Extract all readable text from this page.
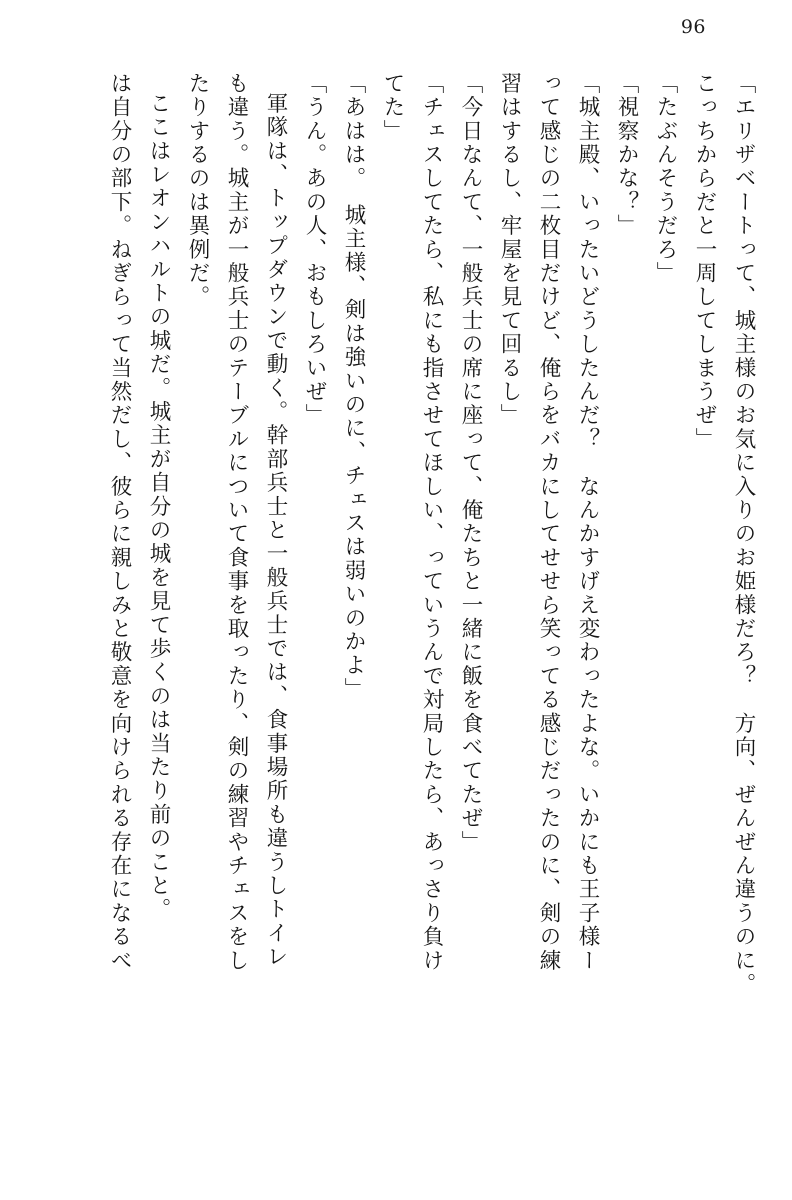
96
「エリザベートって、城主様のお気に入りのお姫様だろ？　方向、ぜんぜん違うのに。
こっちからだと一周してしまうぜ」
「たぶんそうだろ」
「視察かな？」
「城主殿、いったいどうしたんだ？　なんかすげえ変わったよな。いかにも王子様ー
って感じの二枚目だけど、俺らをバカにしてせせら笑ってる感じだったのに、剣の練
習はするし、牢屋を見て回るし」
「今日なんて、一般兵士の席に座って、俺たちと一緒に飯を食べてたぜ」
「チェスしてたら、私にも指させてほしい、っていうんで対局したら、あっさり負け
てた」
「あはは。　城主様、剣は強いのに、チェスは弱いのかよ」
「うん。あの人、おもしろいぜ」
軍隊は、トップダウンで動く。幹部兵士と一般兵士では、食事場所も違うしトイレ
も違う。城主が一般兵士のテーブルについて食事を取ったり、剣の練習やチェスをし
たりするのは異例だ。
ここはレオンハルトの城だ。城主が自分の城を見て歩くのは当たり前のこと。
は自分の部下。ねぎらって当然だし、彼らに親しみと敬意を向けられる存在になるべ
